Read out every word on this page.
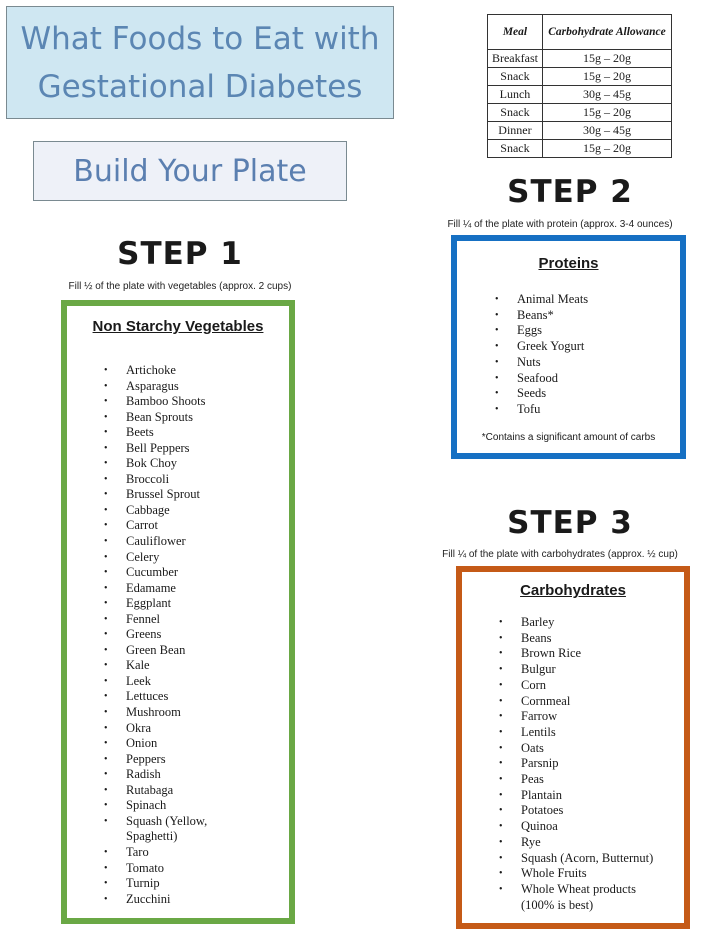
What Foods to Eat with
Gestational Diabetes
Build Your Plate
Meal	Carbohydrate Allowance
Breakfast	15g – 20g
Snack	15g – 20g
Lunch	30g – 45g
Snack	15g – 20g
Dinner	30g – 45g
Snack	15g – 20g
STEP 1
Fill ½ of the plate with vegetables (approx. 2 cups)
Non Starchy Vegetables
• Artichoke
• Asparagus
• Bamboo Shoots
• Bean Sprouts
• Beets
• Bell Peppers
• Bok Choy
• Broccoli
• Brussel Sprout
• Cabbage
• Carrot
• Cauliflower
• Celery
• Cucumber
• Edamame
• Eggplant
• Fennel
• Greens
• Green Bean
• Kale
• Leek
• Lettuces
• Mushroom
• Okra
• Onion
• Peppers
• Radish
• Rutabaga
• Spinach
• Squash (Yellow,
Spaghetti)
• Taro
• Tomato
• Turnip
• Zucchini
STEP 2
Fill ¼ of the plate with protein (approx. 3-4 ounces)
Proteins
• Animal Meats
• Beans*
• Eggs
• Greek Yogurt
• Nuts
• Seafood
• Seeds
• Tofu
*Contains a significant amount of carbs
STEP 3
Fill ¼ of the plate with carbohydrates (approx. ½ cup)
Carbohydrates
• Barley
• Beans
• Brown Rice
• Bulgur
• Corn
• Cornmeal
• Farrow
• Lentils
• Oats
• Parsnip
• Peas
• Plantain
• Potatoes
• Quinoa
• Rye
• Squash (Acorn, Butternut)
• Whole Fruits
• Whole Wheat products
(100% is best)
